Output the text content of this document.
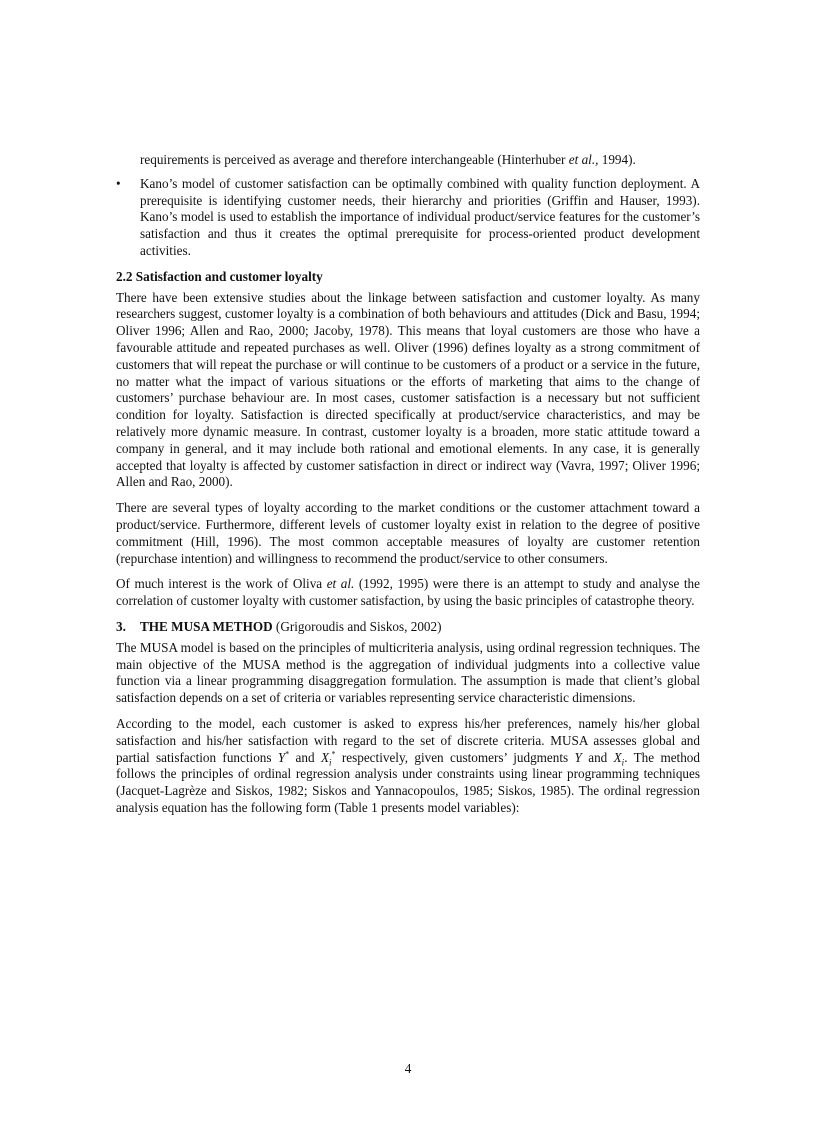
requirements is perceived as average and therefore interchangeable (Hinterhuber et al., 1994).

•	Kano’s model of customer satisfaction can be optimally combined with quality function deployment. A prerequisite is identifying customer needs, their hierarchy and priorities (Griffin and Hauser, 1993). Kano’s model is used to establish the importance of individual product/service features for the customer’s satisfaction and thus it creates the optimal prerequisite for process-oriented product development activities.
2.2 Satisfaction and customer loyalty

There have been extensive studies about the linkage between satisfaction and customer loyalty. As many researchers suggest, customer loyalty is a combination of both behaviours and attitudes (Dick and Basu, 1994; Oliver 1996; Allen and Rao, 2000; Jacoby, 1978). This means that loyal customers are those who have a favourable attitude and repeated purchases as well. Oliver (1996) defines loyalty as a strong commitment of customers that will repeat the purchase or will continue to be customers of a product or a service in the future, no matter what the impact of various situations or the efforts of marketing that aims to the change of customers’ purchase behaviour are. In most cases, customer satisfaction is a necessary but not sufficient condition for loyalty. Satisfaction is directed specifically at product/service characteristics, and may be relatively more dynamic measure. In contrast, customer loyalty is a broaden, more static attitude toward a company in general, and it may include both rational and emotional elements. In any case, it is generally accepted that loyalty is affected by customer satisfaction in direct or indirect way (Vavra, 1997; Oliver 1996; Allen and Rao, 2000).

There are several types of loyalty according to the market conditions or the customer attachment toward a product/service. Furthermore, different levels of customer loyalty exist in relation to the degree of positive commitment (Hill, 1996). The most common acceptable measures of loyalty are customer retention (repurchase intention) and willingness to recommend the product/service to other consumers.

Of much interest is the work of Oliva et al. (1992, 1995) were there is an attempt to study and analyse the correlation of customer loyalty with customer satisfaction, by using the basic principles of catastrophe theory.

3. THE MUSA METHOD (Grigoroudis and Siskos, 2002)

The MUSA model is based on the principles of multicriteria analysis, using ordinal regression techniques. The main objective of the MUSA method is the aggregation of individual judgments into a collective value function via a linear programming disaggregation formulation. The assumption is made that client’s global satisfaction depends on a set of criteria or variables representing service characteristic dimensions.

According to the model, each customer is asked to express his/her preferences, namely his/her global satisfaction and his/her satisfaction with regard to the set of discrete criteria. MUSA assesses global and partial satisfaction functions Y* and $X_i^*$ respectively, given customers’ judgments Y and $X_i$. The method follows the principles of ordinal regression analysis under constraints using linear programming techniques (Jacquet-Lagrèze and Siskos, 1982; Siskos and Yannacopoulos, 1985; Siskos, 1985). The ordinal regression analysis equation has the following form (Table 1 presents model variables):

4
